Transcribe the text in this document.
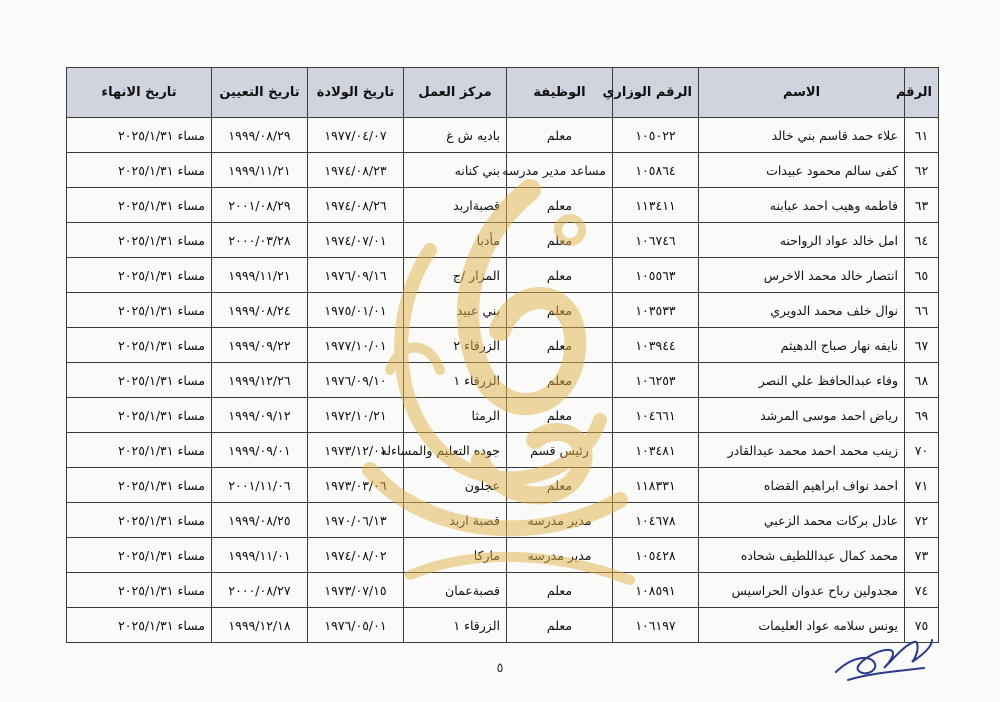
الرقم	الاسم	الرقم الوزاري	الوظيفة	مركز العمل	تاريخ الولادة	تاريخ التعيين	تاريخ الانهاء
٦١	علاء حمد قاسم بني خالد	١٠٥٠٢٢	معلم	باديه ش غ	١٩٧٧/٠٤/٠٧	١٩٩٩/٠٨/٢٩	مساء ٢٠٢٥/١/٣١
٦٢	كفى سالم محمود عبيدات	١٠٥٨٦٤	مساعد مدير مدرسه	بني كنانه	١٩٧٤/٠٨/٢٣	١٩٩٩/١١/٢١	مساء ٢٠٢٥/١/٣١
٦٣	فاطمه وهيب احمد عبابنه	١١٣٤١١	معلم	قصبةاربد	١٩٧٤/٠٨/٢٦	٢٠٠١/٠٨/٢٩	مساء ٢٠٢٥/١/٣١
٦٤	امل خالد عواد الرواحنه	١٠٦٧٤٦	معلم	مأدبا	١٩٧٤/٠٧/٠١	٢٠٠٠/٠٣/٢٨	مساء ٢٠٢٥/١/٣١
٦٥	انتصار خالد محمد الاخرس	١٠٥٥٦٣	معلم	المزار /ج	١٩٧٦/٠٩/١٦	١٩٩٩/١١/٢١	مساء ٢٠٢٥/١/٣١
٦٦	نوال خلف محمد الدويري	١٠٣٥٣٣	معلم	بني عبيد	١٩٧٥/٠١/٠١	١٩٩٩/٠٨/٢٤	مساء ٢٠٢٥/١/٣١
٦٧	نايفه نهار صباح الدهيثم	١٠٣٩٤٤	معلم	الزرقاء ٢	١٩٧٧/١٠/٠١	١٩٩٩/٠٩/٢٢	مساء ٢٠٢٥/١/٣١
٦٨	وفاء عبدالحافظ علي النصر	١٠٦٢٥٣	معلم	الزرقاء ١	١٩٧٦/٠٩/١٠	١٩٩٩/١٢/٢٦	مساء ٢٠٢٥/١/٣١
٦٩	رياض احمد موسى المرشد	١٠٤٦٦١	معلم	الرمثا	١٩٧٢/١٠/٢١	١٩٩٩/٠٩/١٢	مساء ٢٠٢٥/١/٣١
٧٠	زينب محمد احمد محمد عبدالقادر	١٠٣٤٨١	رئيس قسم	جوده التعليم والمساءله	١٩٧٣/١٢/٠١	١٩٩٩/٠٩/٠١	مساء ٢٠٢٥/١/٣١
٧١	احمد نواف ابراهيم القضاه	١١٨٣٣١	معلم	عجلون	١٩٧٣/٠٣/٠٦	٢٠٠١/١١/٠٦	مساء ٢٠٢٥/١/٣١
٧٢	عادل بركات محمد الزعبي	١٠٤٦٧٨	مدير مدرسه	قصبة اربد	١٩٧٠/٠٦/١٣	١٩٩٩/٠٨/٢٥	مساء ٢٠٢٥/١/٣١
٧٣	محمد كمال عبداللطيف شحاده	١٠٥٤٢٨	مدير مدرسه	ماركا	١٩٧٤/٠٨/٠٢	١٩٩٩/١١/٠١	مساء ٢٠٢٥/١/٣١
٧٤	مجدولين رباح عدوان الحراسيس	١٠٨٥٩١	معلم	قصبةعمان	١٩٧٣/٠٧/١٥	٢٠٠٠/٠٨/٢٧	مساء ٢٠٢٥/١/٣١
٧٥	يونس سلامه عواد العليمات	١٠٦١٩٧	معلم	الزرقاء ١	١٩٧٦/٠٥/٠١	١٩٩٩/١٢/١٨	مساء ٢٠٢٥/١/٣١
٥
